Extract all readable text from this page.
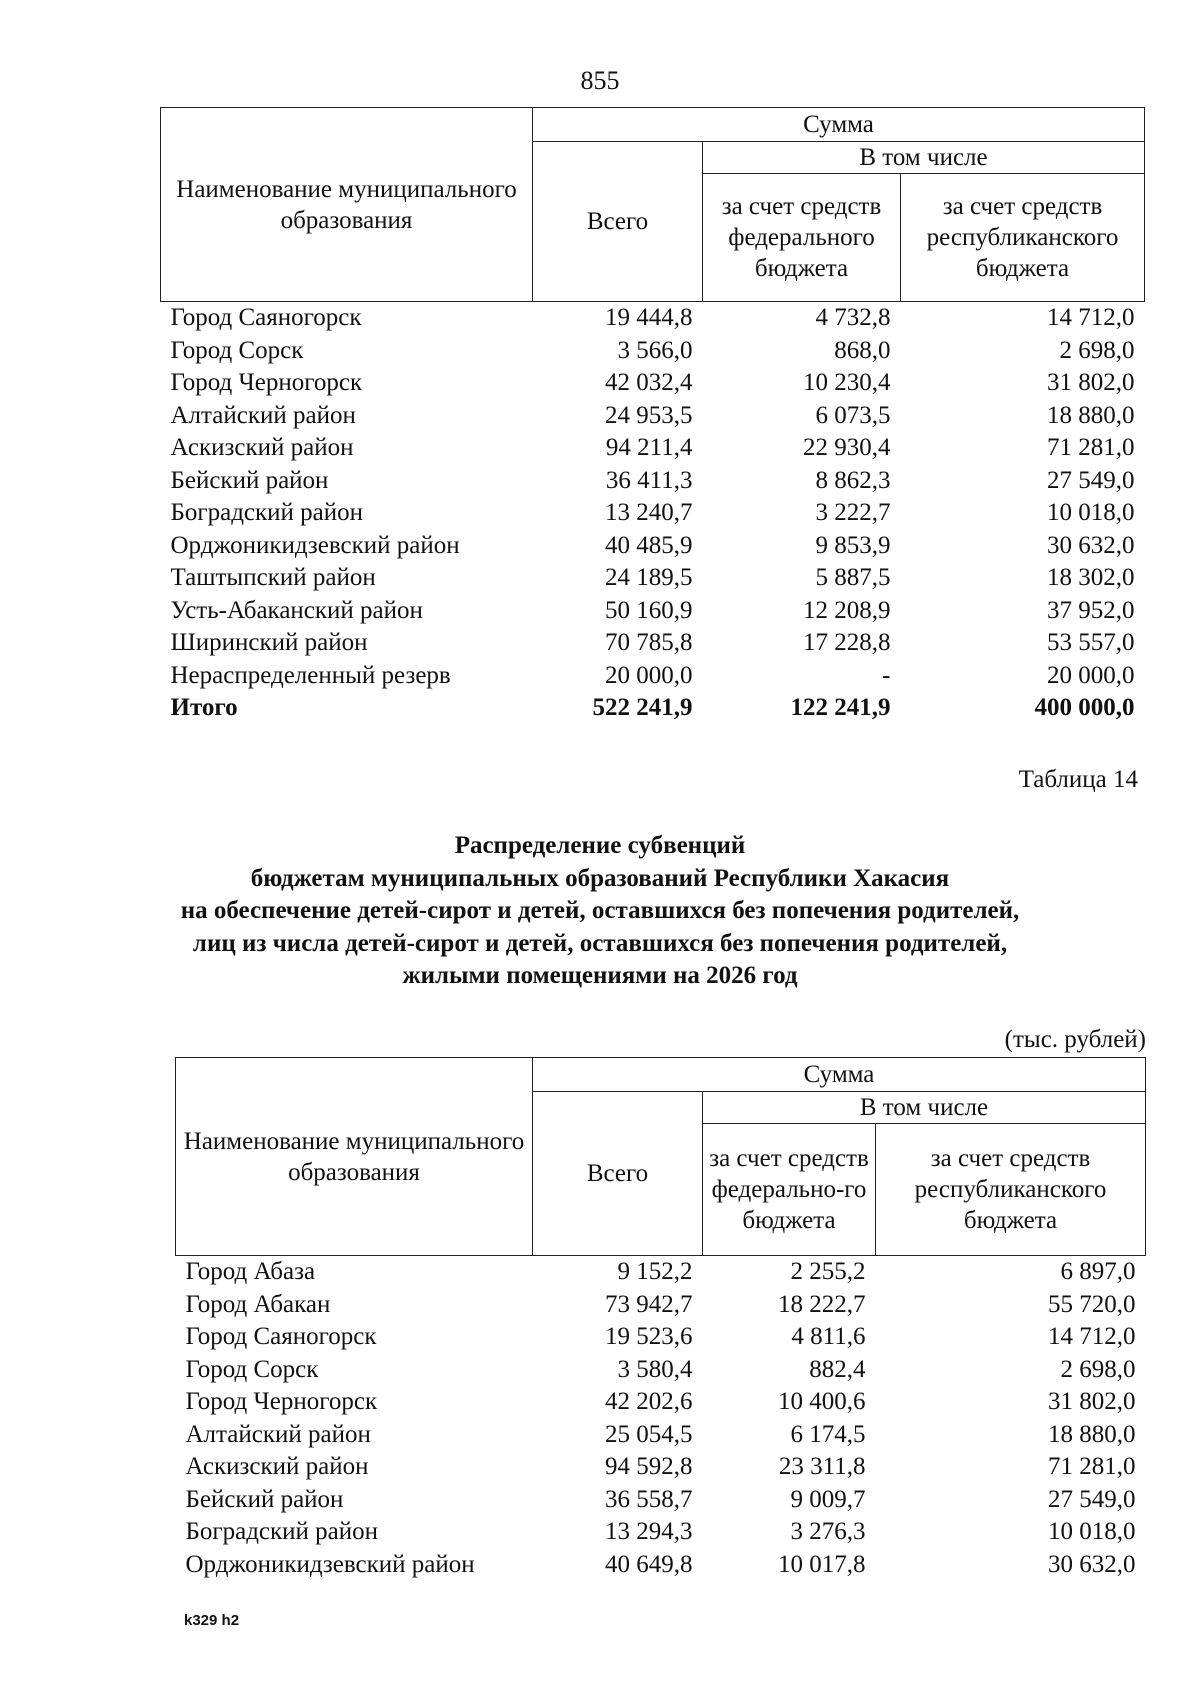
855
Наименование муниципального образования	Сумма		
	Всего	В том числе	
		за счет средств федерального бюджета	за счет средств республиканского бюджета
Город Саяногорск	19 444,8	4 732,8	14 712,0
Город Сорск	3 566,0	868,0	2 698,0
Город Черногорск	42 032,4	10 230,4	31 802,0
Алтайский район	24 953,5	6 073,5	18 880,0
Аскизский район	94 211,4	22 930,4	71 281,0
Бейский район	36 411,3	8 862,3	27 549,0
Боградский район	13 240,7	3 222,7	10 018,0
Орджоникидзевский район	40 485,9	9 853,9	30 632,0
Таштыпский район	24 189,5	5 887,5	18 302,0
Усть-Абаканский район	50 160,9	12 208,9	37 952,0
Ширинский район	70 785,8	17 228,8	53 557,0
Нераспределенный резерв	20 000,0	-	20 000,0
Итого	522 241,9	122 241,9	400 000,0
Таблица 14
Распределение субвенций
бюджетам муниципальных образований Республики Хакасия
на обеспечение детей-сирот и детей, оставшихся без попечения родителей,
лиц из числа детей-сирот и детей, оставшихся без попечения родителей,
жилыми помещениями на 2026 год
(тыс. рублей)
Наименование муниципального образования	Сумма		
	Всего	В том числе	
		за счет средств федерально-го бюджета	за счет средств республиканского бюджета
Город Абаза	9 152,2	2 255,2	6 897,0
Город Абакан	73 942,7	18 222,7	55 720,0
Город Саяногорск	19 523,6	4 811,6	14 712,0
Город Сорск	3 580,4	882,4	2 698,0
Город Черногорск	42 202,6	10 400,6	31 802,0
Алтайский район	25 054,5	6 174,5	18 880,0
Аскизский район	94 592,8	23 311,8	71 281,0
Бейский район	36 558,7	9 009,7	27 549,0
Боградский район	13 294,3	3 276,3	10 018,0
Орджоникидзевский район	40 649,8	10 017,8	30 632,0
k329 h2
